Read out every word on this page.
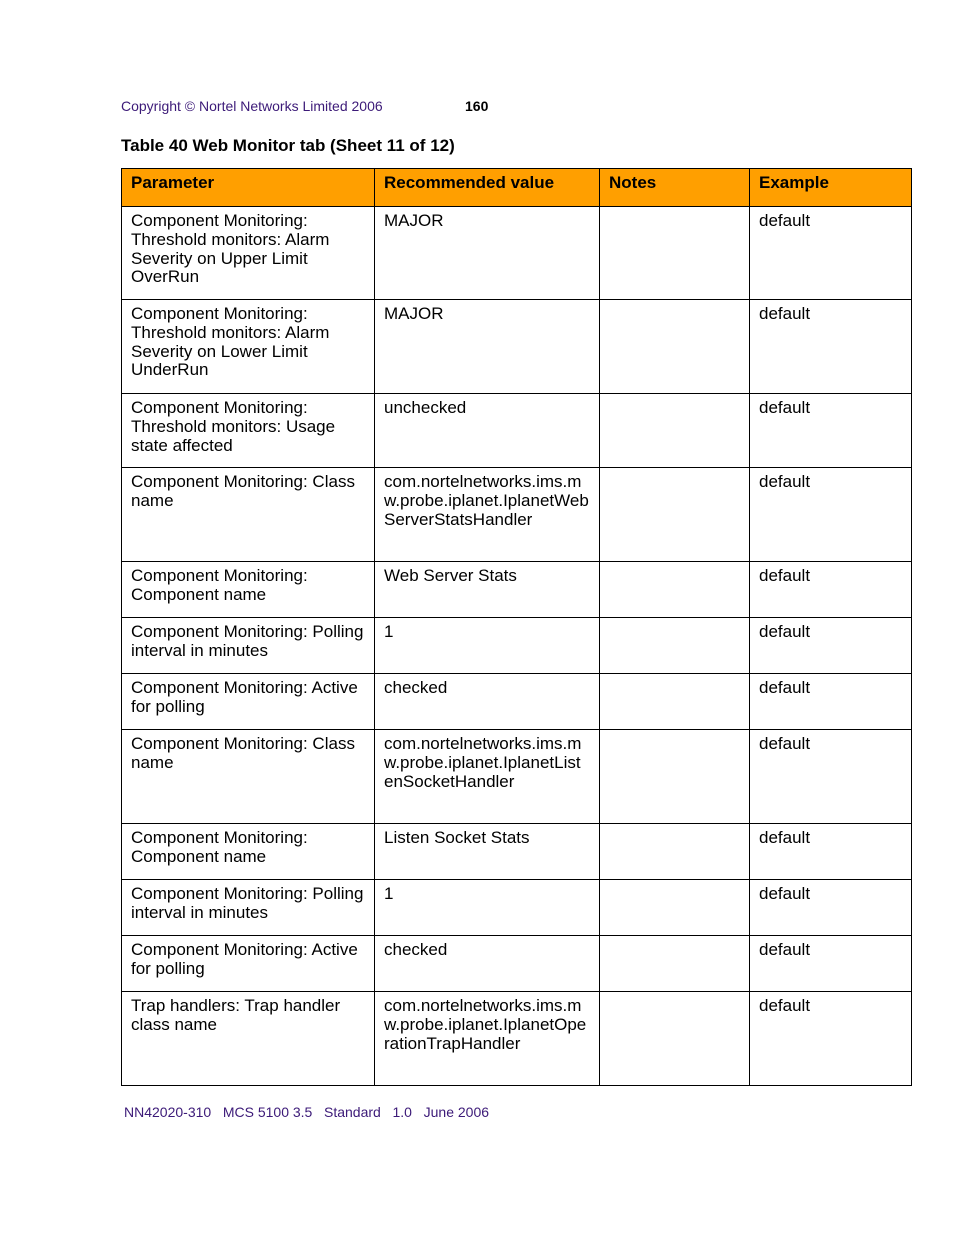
Copyright © Nortel Networks Limited 2006	160
Table 40 Web Monitor tab (Sheet 11 of 12)
Parameter	Recommended value	Notes	Example
Component Monitoring: Threshold monitors: Alarm Severity on Upper Limit OverRun	MAJOR		default
Component Monitoring: Threshold monitors: Alarm Severity on Lower Limit UnderRun	MAJOR		default
Component Monitoring: Threshold monitors: Usage state affected	unchecked		default
Component Monitoring: Class name	com.nortelnetworks.ims.mw.probe.iplanet.IplanetWebServerStatsHandler		default
Component Monitoring: Component name	Web Server Stats		default
Component Monitoring: Polling interval in minutes	1		default
Component Monitoring: Active for polling	checked		default
Component Monitoring: Class name	com.nortelnetworks.ims.mw.probe.iplanet.IplanetListenSocketHandler		default
Component Monitoring: Component name	Listen Socket Stats		default
Component Monitoring: Polling interval in minutes	1		default
Component Monitoring: Active for polling	checked		default
Trap handlers: Trap handler class name	com.nortelnetworks.ims.mw.probe.iplanet.IplanetOperationTrapHandler		default
NN42020-310   MCS 5100 3.5   Standard   1.0   June 2006
